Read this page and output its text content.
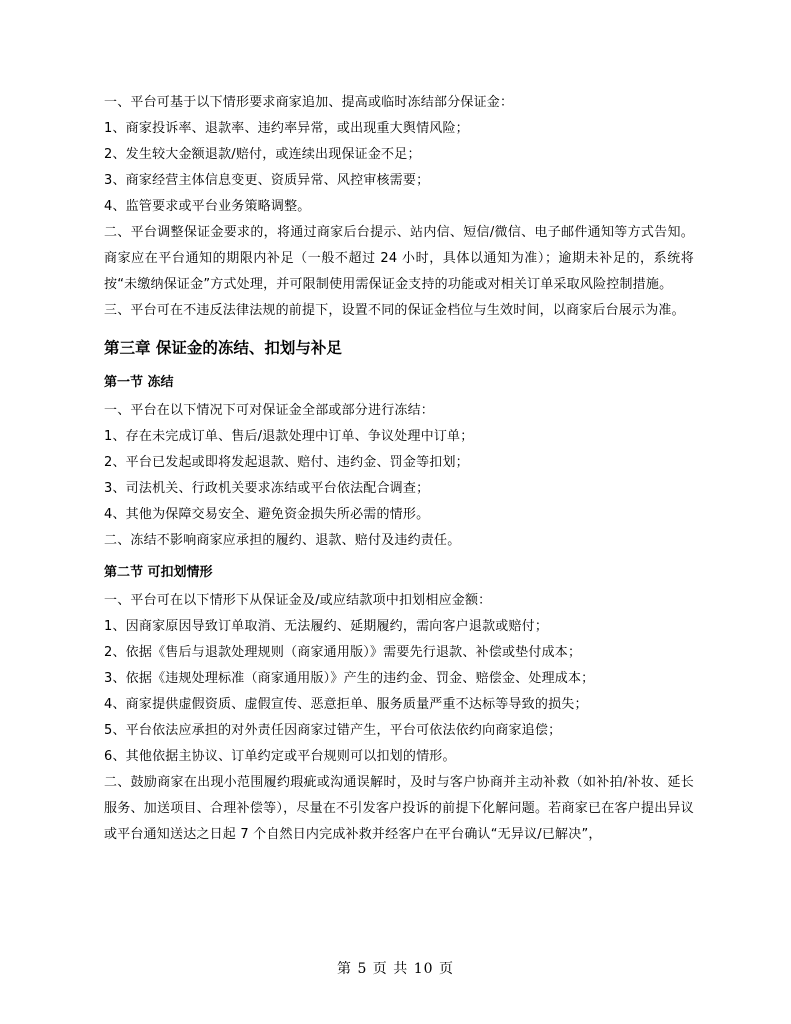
一、平台可基于以下情形要求商家追加、提高或临时冻结部分保证金：

1、商家投诉率、退款率、违约率异常，或出现重大舆情风险；

2、发生较大金额退款/赔付，或连续出现保证金不足；

3、商家经营主体信息变更、资质异常、风控审核需要；

4、监管要求或平台业务策略调整。

二、平台调整保证金要求的，将通过商家后台提示、站内信、短信/微信、电子邮件通知等方式告知。商家应在平台通知的期限内补足（一般不超过 24 小时，具体以通知为准）；逾期未补足的，系统将按“未缴纳保证金”方式处理，并可限制使用需保证金支持的功能或对相关订单采取风险控制措施。

三、平台可在不违反法律法规的前提下，设置不同的保证金档位与生效时间，以商家后台展示为准。

第三章 保证金的冻结、扣划与补足
第一节 冻结

一、平台在以下情况下可对保证金全部或部分进行冻结：

1、存在未完成订单、售后/退款处理中订单、争议处理中订单；

2、平台已发起或即将发起退款、赔付、违约金、罚金等扣划；

3、司法机关、行政机关要求冻结或平台依法配合调查；

4、其他为保障交易安全、避免资金损失所必需的情形。

二、冻结不影响商家应承担的履约、退款、赔付及违约责任。

第二节 可扣划情形

一、平台可在以下情形下从保证金及/或应结款项中扣划相应金额：

1、因商家原因导致订单取消、无法履约、延期履约，需向客户退款或赔付；

2、依据《售后与退款处理规则（商家通用版）》需要先行退款、补偿或垫付成本；

3、依据《违规处理标准（商家通用版）》产生的违约金、罚金、赔偿金、处理成本；

4、商家提供虚假资质、虚假宣传、恶意拒单、服务质量严重不达标等导致的损失；

5、平台依法应承担的对外责任因商家过错产生，平台可依法依约向商家追偿；

6、其他依据主协议、订单约定或平台规则可以扣划的情形。

二、鼓励商家在出现小范围履约瑕疵或沟通误解时，及时与客户协商并主动补救（如补拍/补妆、延长服务、加送项目、合理补偿等），尽量在不引发客户投诉的前提下化解问题。若商家已在客户提出异议或平台通知送达之日起 7 个自然日内完成补救并经客户在平台确认“无异议/已解决”，

第 5 页 共 10 页
